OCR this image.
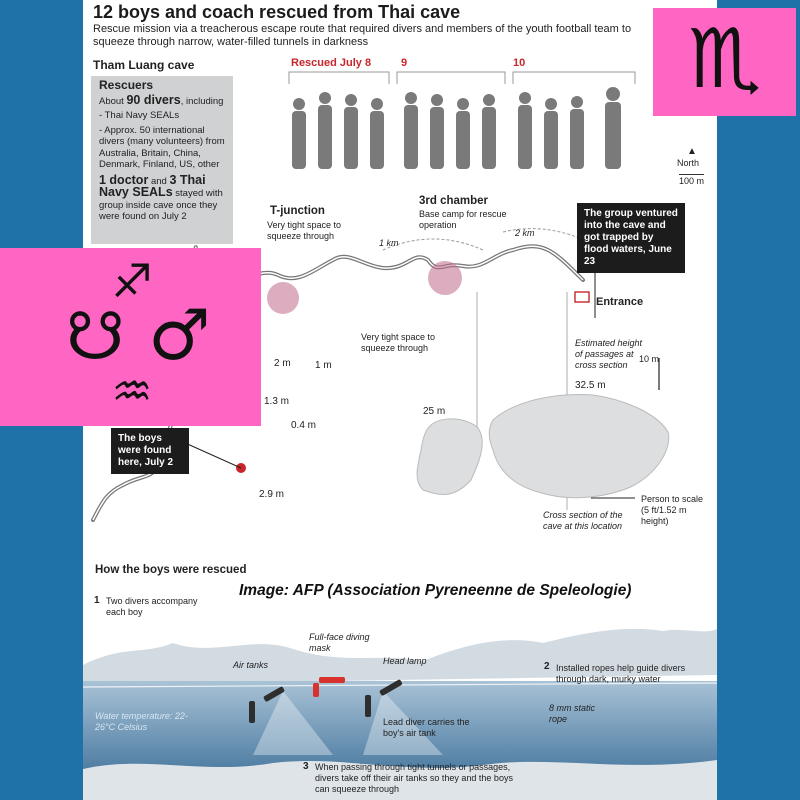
12 boys and coach rescued from Thai cave
Rescue mission via a treacherous escape route that required divers and members of the youth football team to squeeze through narrow, water-filled tunnels in darkness
Tham Luang cave
Rescuers
About 90 divers, including
- Thai Navy SEALs
- Approx. 50 international divers (many volunteers) from Australia, Britain, China, Denmark, Finland, US, other
1 doctor and 3 Thai Navy SEALs stayed with group inside cave once they were found on July 2
Rescued July 8	9	10
▲
North
100 m
T-junction
Very tight space to squeeze through
3rd chamber
Base camp for rescue operation
1 km
2 km
The group ventured into the cave and got trapped by flood waters, June 23
Entrance
Very tight space to squeeze through	Estimated height of passages at cross section
32.5 m
10 m
25 m
2 m 1 m
1.3 m
0.4 m
2.9 m
The boys were found here, July 2
Person to scale (5 ft/1.52 m height)
Cross section of the cave at this location
How the boys were rescued
1 Two divers accompany each boy
Air tanks
Full-face diving mask
Head lamp	2 Installed ropes help guide divers through dark, murky water
8 mm static rope
Water temperature: 22-26°C Celsius	Lead diver carries the boy's air tank
3 When passing through tight tunnels or passages, divers take off their air tanks so they and the boys can squeeze through
♏
♐
♒
☋ ♂
Image: AFP (Association Pyreneenne de Speleologie)
